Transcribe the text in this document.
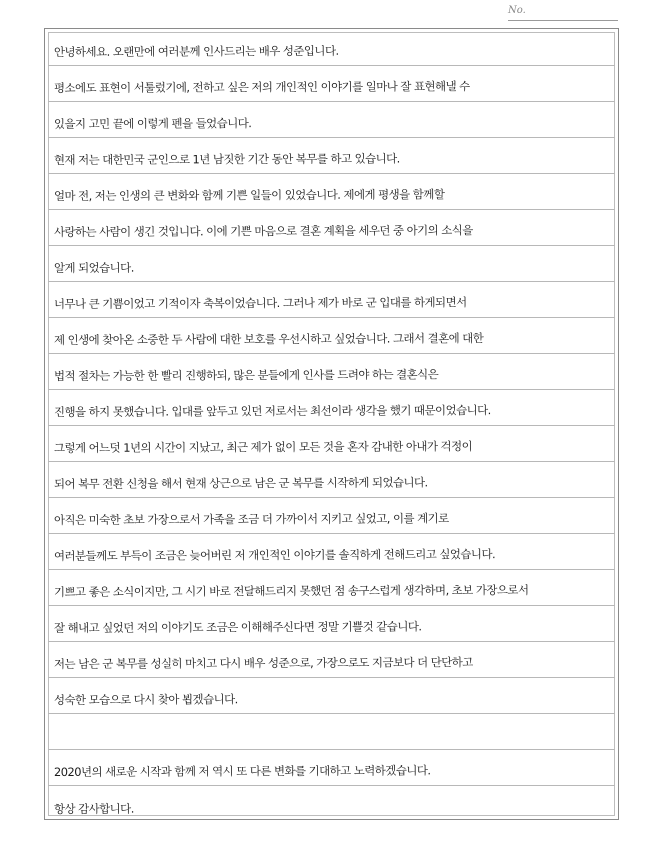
No.
안녕하세요. 오랜만에 여러분께 인사드리는 배우 성준입니다.
평소에도 표현이 서툴렀기에, 전하고 싶은 저의 개인적인 이야기를 일마나 잘 표현해낼 수
있을지 고민 끝에 이렇게 펜을 들었습니다.
현재 저는 대한민국 군인으로 1년 남짓한 기간 동안 복무를 하고 있습니다.
얼마 전, 저는 인생의 큰 변화와 함께 기쁜 일들이 있었습니다. 제에게 평생을 함께할
사랑하는 사람이 생긴 것입니다. 이에 기쁜 마음으로 결혼 계획을 세우던 중 아기의 소식을
알게 되었습니다.
너무나 큰 기쁨이었고 기적이자 축복이었습니다. 그러나 제가 바로 군 입대를 하게되면서
제 인생에 찾아온 소중한 두 사람에 대한 보호를 우선시하고 싶었습니다. 그래서 결혼에 대한
법적 절차는 가능한 한 빨리 진행하되, 많은 분들에게 인사를 드려야 하는 결혼식은
진행을 하지 못했습니다. 입대를 앞두고 있던 저로서는 최선이라 생각을 했기 때문이었습니다.
그렇게 어느덧 1년의 시간이 지났고, 최근 제가 없이 모든 것을 혼자 감내한 아내가 걱정이
되어 복무 전환 신청을 해서 현재 상근으로 남은 군 복무를 시작하게 되었습니다.
아직은 미숙한 초보 가장으로서 가족을 조금 더 가까이서 지키고 싶었고, 이를 계기로
여러분들께도 부득이 조금은 늦어버린 저 개인적인 이야기를 솔직하게 전해드리고 싶었습니다.
기쁘고 좋은 소식이지만, 그 시기 바로 전달해드리지 못했던 점 송구스럽게 생각하며, 초보 가장으로서
잘 해내고 싶었던 저의 이야기도 조금은 이해해주신다면 정말 기쁠것 같습니다.
저는 남은 군 복무를 성실히 마치고 다시 배우 성준으로, 가장으로도 지금보다 더 단단하고
성숙한 모습으로 다시 찾아 뵙겠습니다.
2020년의 새로운 시작과 함께 저 역시 또 다른 변화를 기대하고 노력하겠습니다.
항상 감사합니다.
